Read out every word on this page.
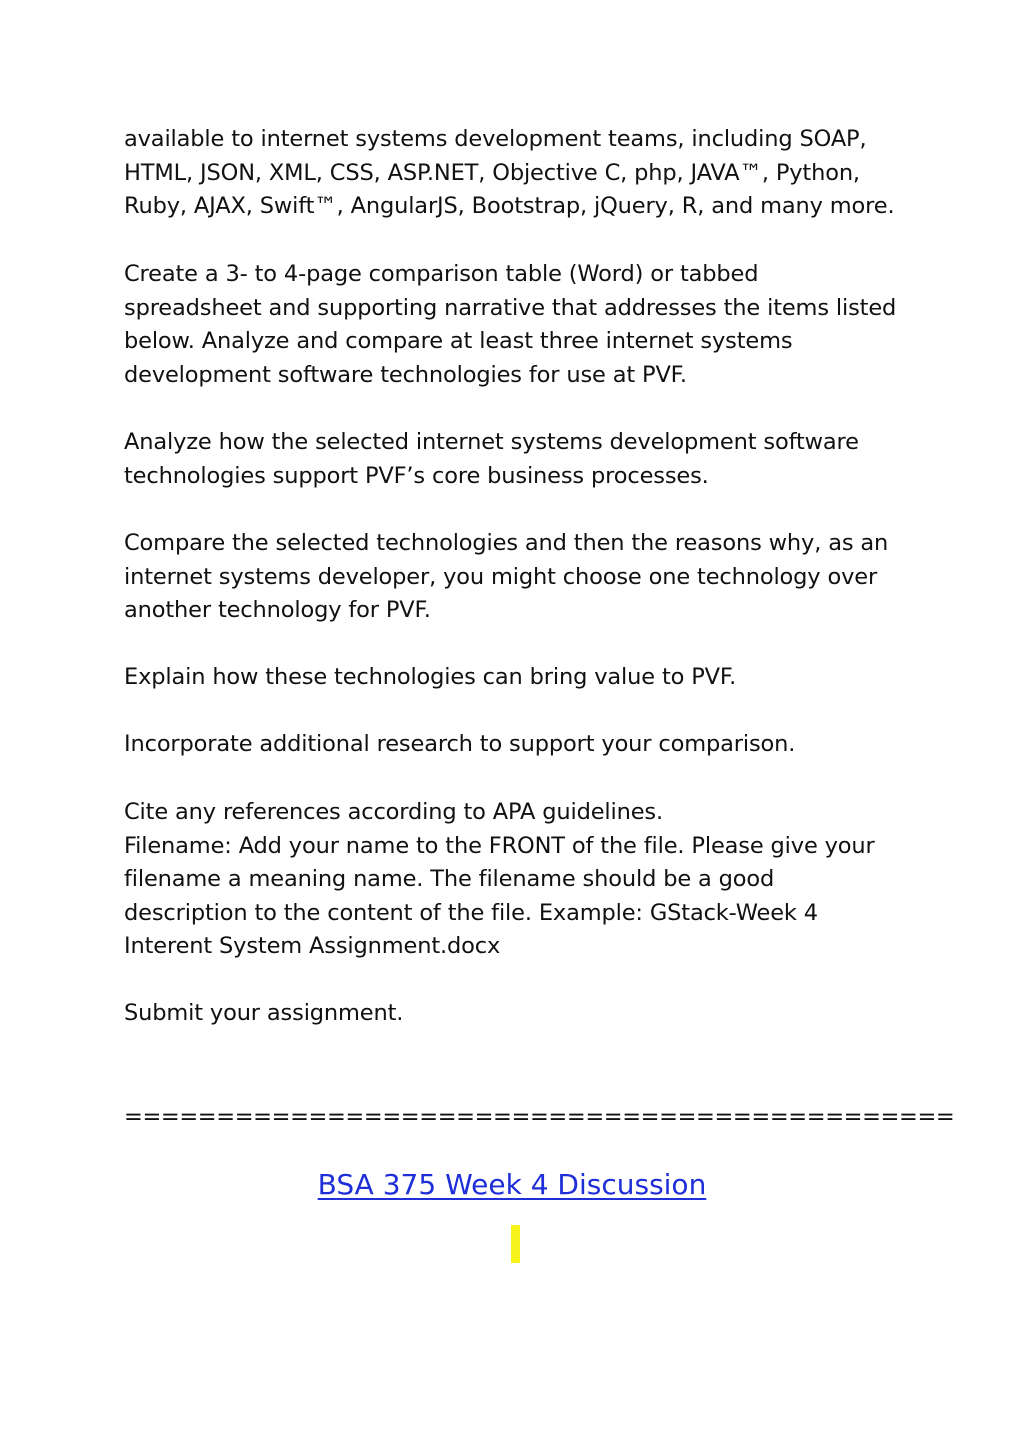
available to internet systems development teams, including SOAP,
HTML, JSON, XML, CSS, ASP.NET, Objective C, php, JAVA™, Python,
Ruby, AJAX, Swift™, AngularJS, Bootstrap, jQuery, R, and many more.
Create a 3- to 4-page comparison table (Word) or tabbed
spreadsheet and supporting narrative that addresses the items listed
below. Analyze and compare at least three internet systems
development software technologies for use at PVF.
Analyze how the selected internet systems development software
technologies support PVF’s core business processes.
Compare the selected technologies and then the reasons why, as an
internet systems developer, you might choose one technology over
another technology for PVF.
Explain how these technologies can bring value to PVF.
Incorporate additional research to support your comparison.
Cite any references according to APA guidelines.
Filename: Add your name to the FRONT of the file. Please give your
filename a meaning name. The filename should be a good
description to the content of the file. Example: GStack-Week 4
Interent System Assignment.docx
Submit your assignment.
=============================================
BSA 375 Week 4 Discussion
